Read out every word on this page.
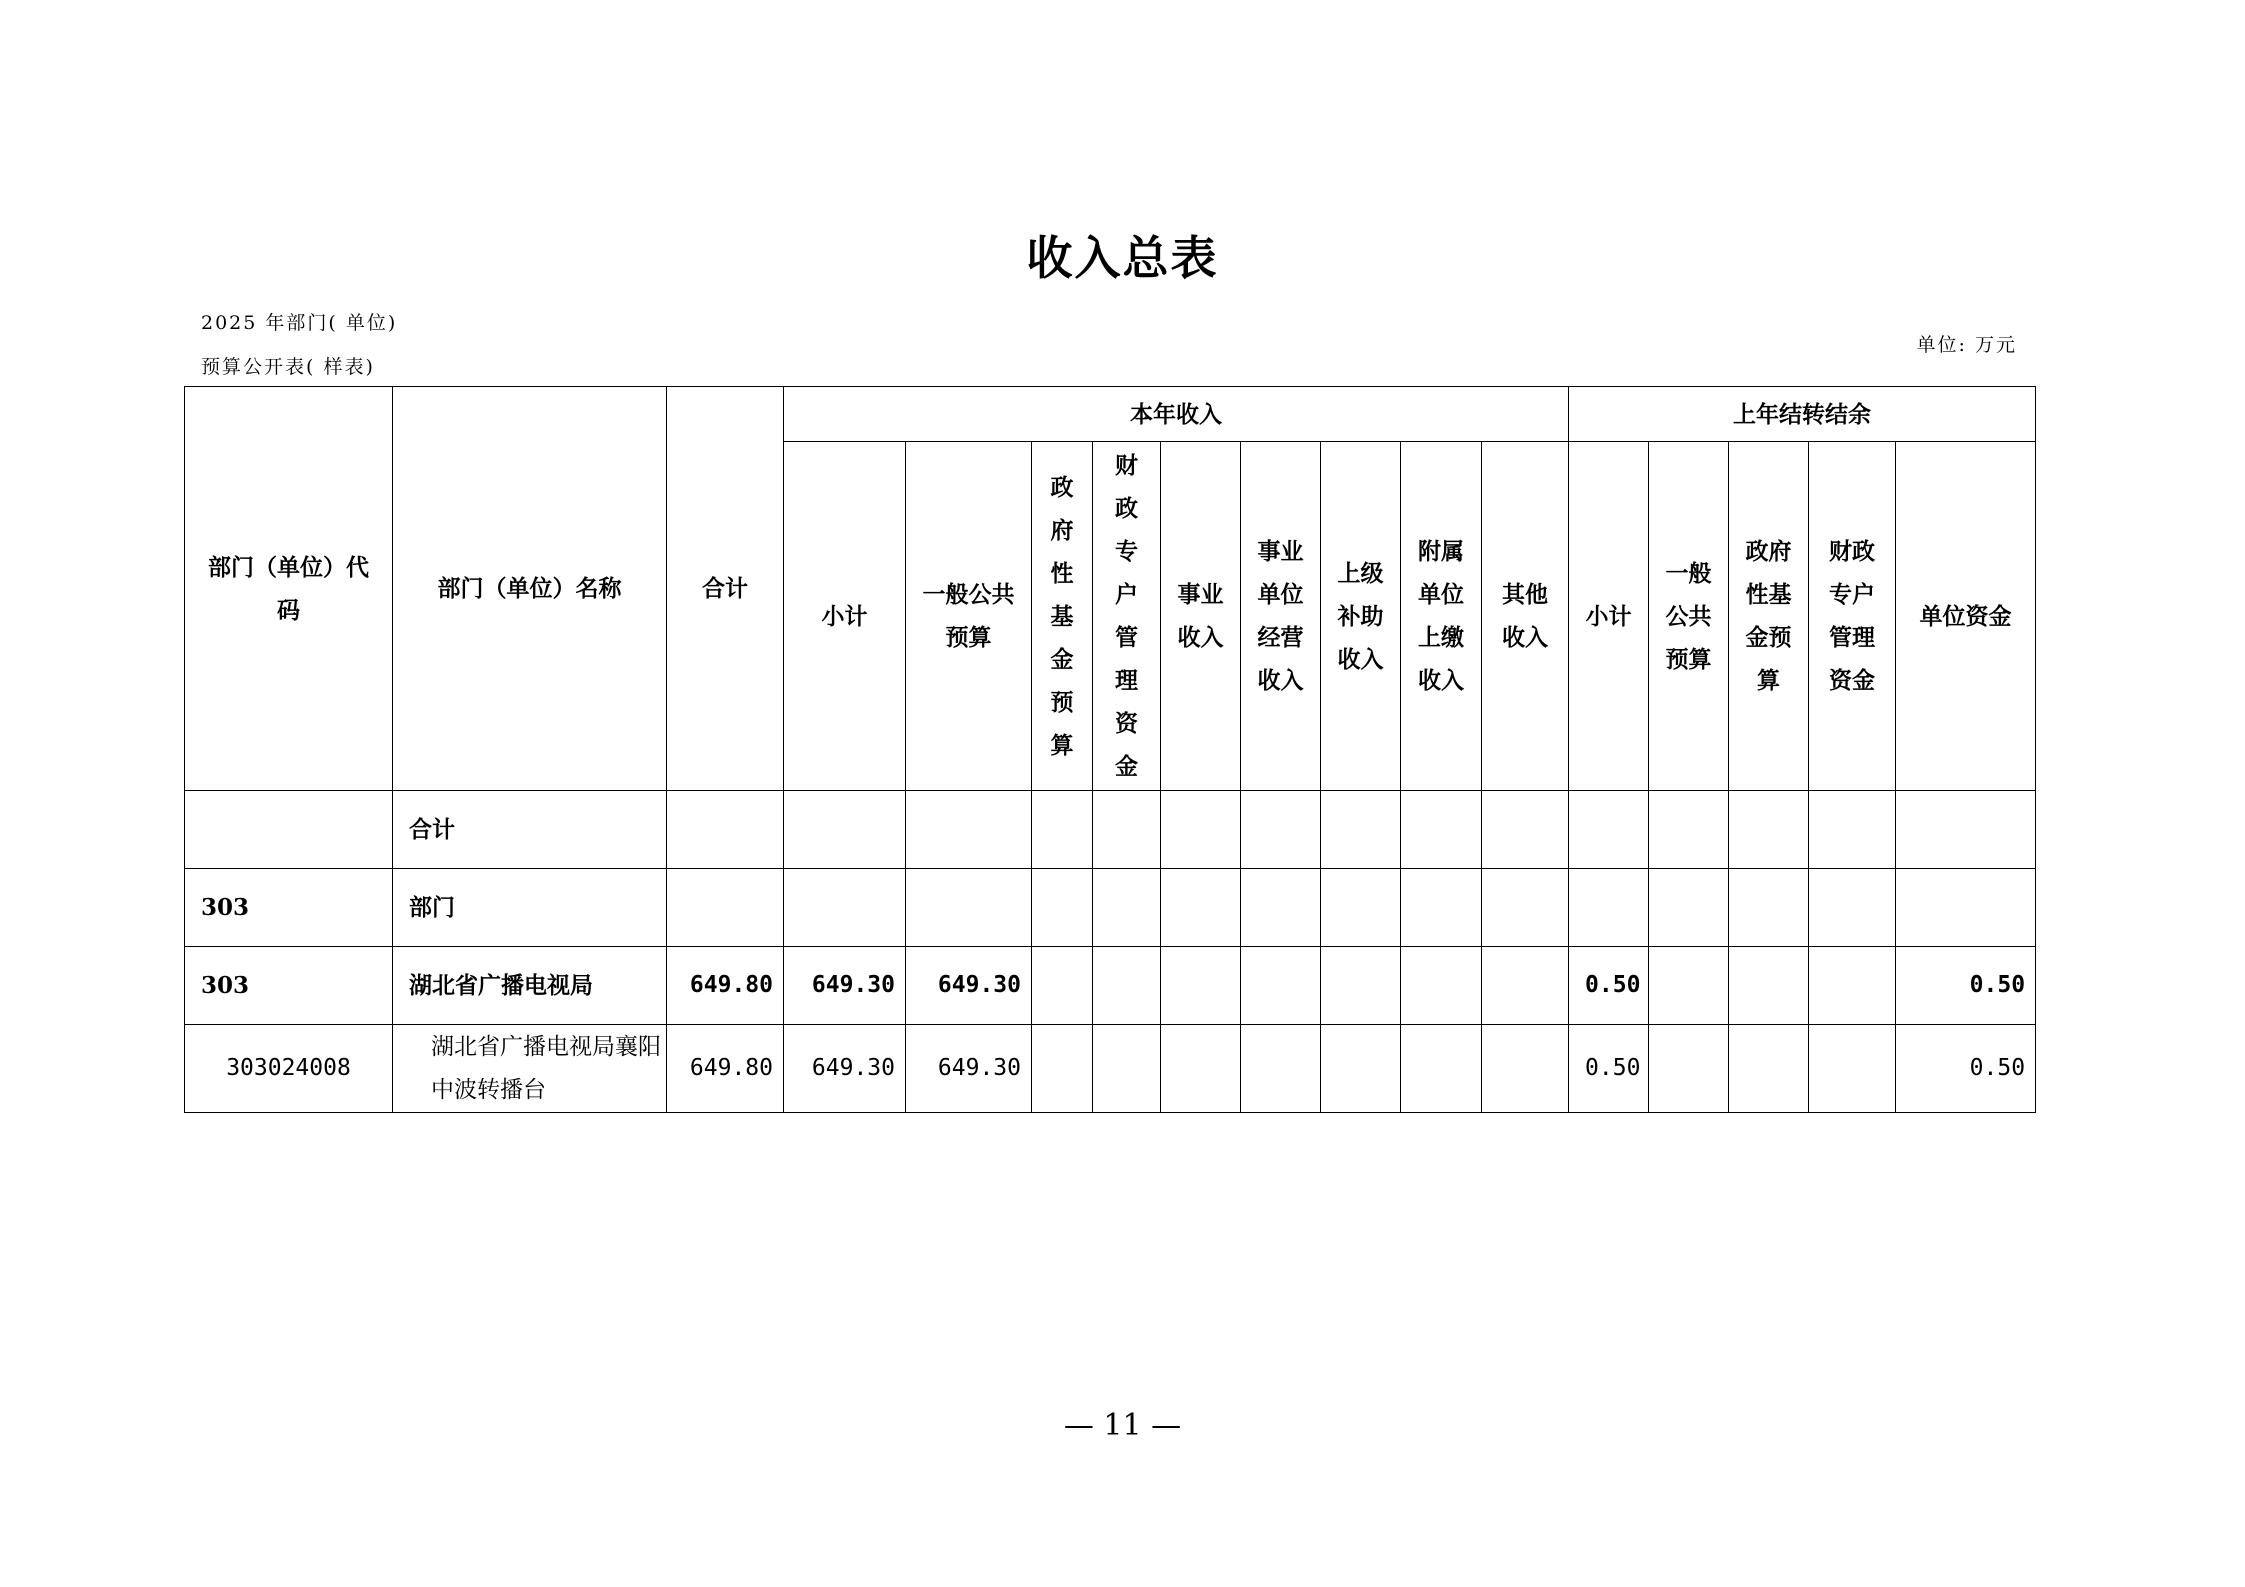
收入总表
2025 年部门( 单位)
预算公开表( 样表)
单位: 万元
部门（单位）代码	部门（单位）名称	合计	本年收入									上年结转结余				
			小计	一般公共预算	政府性基金预算	财政专户管理资金	事业收入	事业单位经营收入	上级补助收入	附属单位上缴收入	其他收入	小计	一般公共预算	政府性基金预算	财政专户管理资金	单位资金
	合计															
303	部门															
303	湖北省广播电视局	649.80	649.30	649.30								0.50				0.50
303024008	湖北省广播电视局襄阳中波转播台	649.80	649.30	649.30								0.50				0.50
— 11 —
